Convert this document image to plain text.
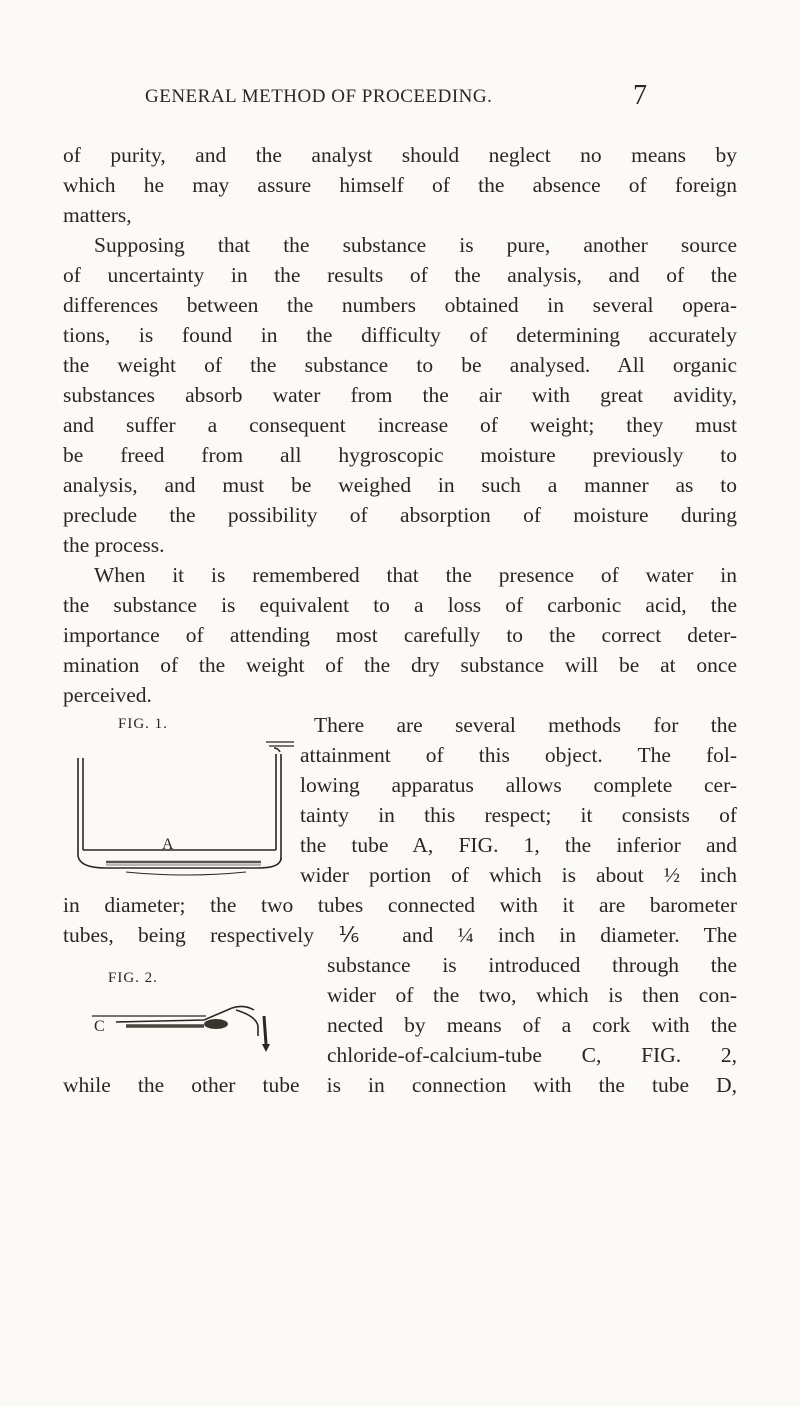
GENERAL METHOD OF PROCEEDING.	7
of purity, and the analyst should neglect no means by
which he may assure himself of the absence of foreign
matters,
Supposing that the substance is pure, another source
of uncertainty in the results of the analysis, and of the
differences between the numbers obtained in several opera-
tions, is found in the difficulty of determining accurately
the weight of the substance to be analysed. All organic
substances absorb water from the air with great avidity,
and suffer a consequent increase of weight; they must
be freed from all hygroscopic moisture previously to
analysis, and must be weighed in such a manner as to
preclude the possibility of absorption of moisture during
the process.
When it is remembered that the presence of water in
the substance is equivalent to a loss of carbonic acid, the
importance of attending most carefully to the correct deter-
mination of the weight of the dry substance will be at once
perceived.
There are several methods for the
attainment of this object. The fol-
lowing apparatus allows complete cer-
tainty in this respect; it consists of
the tube A, FIG. 1, the inferior and
wider portion of which is about ½ inch
in diameter; the two tubes connected with it are barometer
tubes, being respectively ⅙ and ¼ inch in diameter. The
substance is introduced through the
wider of the two, which is then con-
nected by means of a cork with the
chloride-of-calcium-tube C, FIG. 2,
while the other tube is in connection with the tube D,
FIG. 1.
A
FIG. 2.
C
